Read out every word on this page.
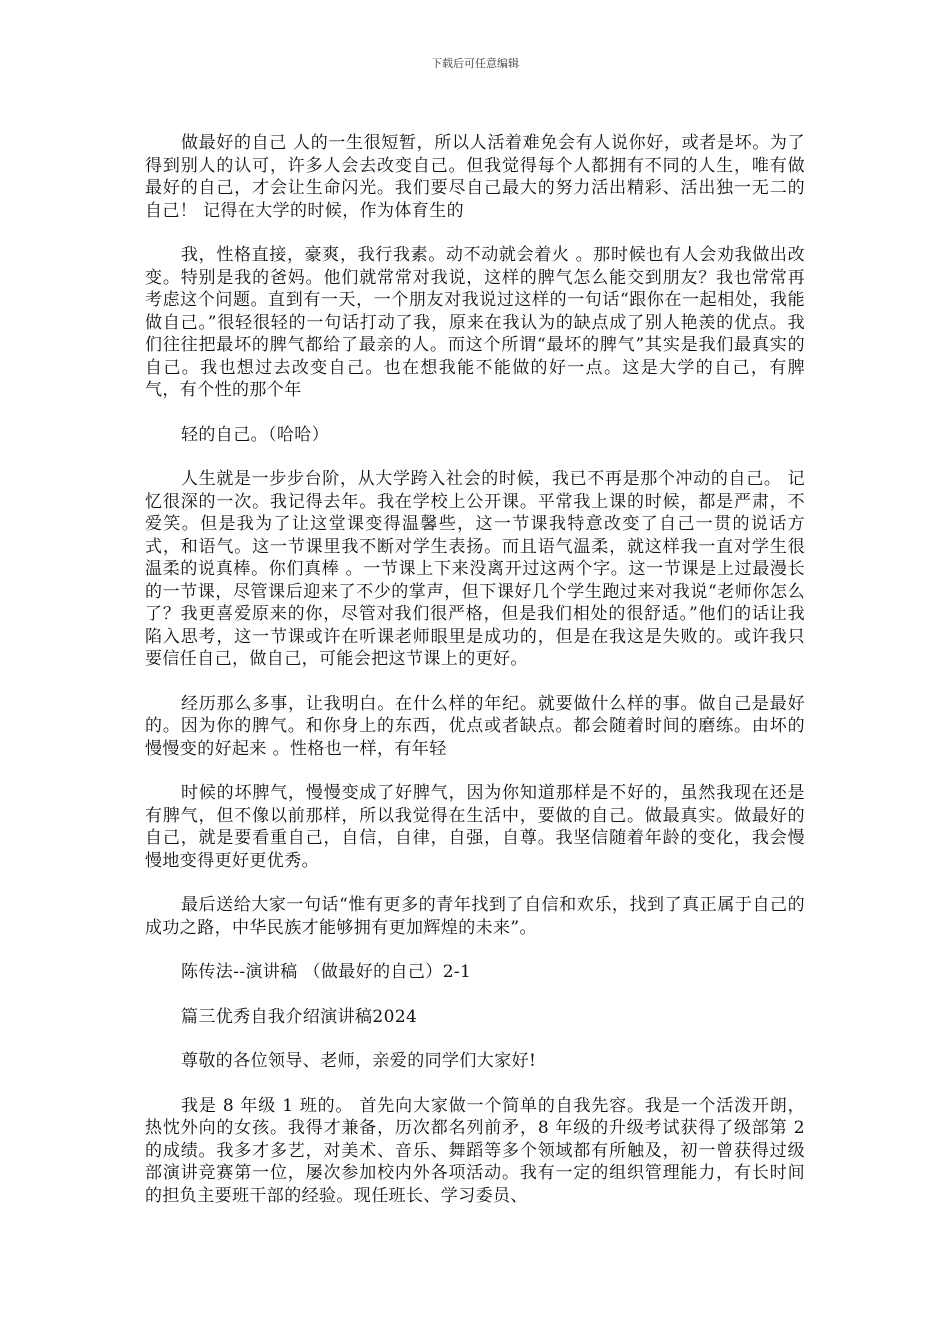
下载后可任意编辑

做最好的自己 人的一生很短暂，所以人活着难免会有人说你好，或者是坏。为了得到别人的认可，许多人会去改变自己。但我觉得每个人都拥有不同的人生，唯有做最好的自己，才会让生命闪光。我们要尽自己最大的努力活出精彩、活出独一无二的自己！ 记得在大学的时候，作为体育生的

我，性格直接，豪爽，我行我素。动不动就会着火 。那时候也有人会劝我做出改变。特别是我的爸妈。他们就常常对我说，这样的脾气怎么能交到朋友？我也常常再考虑这个问题。直到有一天，一个朋友对我说过这样的一句话“跟你在一起相处，我能做自己。”很轻很轻的一句话打动了我，原来在我认为的缺点成了别人艳羡的优点。我们往往把最坏的脾气都给了最亲的人。而这个所谓“最坏的脾气”其实是我们最真实的自己。我也想过去改变自己。也在想我能不能做的好一点。这是大学的自己，有脾气，有个性的那个年

轻的自己。（哈哈）

人生就是一步步台阶，从大学跨入社会的时候，我已不再是那个冲动的自己。 记忆很深的一次。我记得去年。我在学校上公开课。平常我上课的时候，都是严肃，不爱笑。但是我为了让这堂课变得温馨些，这一节课我特意改变了自己一贯的说话方式，和语气。这一节课里我不断对学生表扬。而且语气温柔，就这样我一直对学生很温柔的说真棒。你们真棒 。一节课上下来没离开过这两个字。这一节课是上过最漫长的一节课，尽管课后迎来了不少的掌声，但下课好几个学生跑过来对我说“老师你怎么了？我更喜爱原来的你，尽管对我们很严格，但是我们相处的很舒适。”他们的话让我陷入思考，这一节课或许在听课老师眼里是成功的，但是在我这是失败的。或许我只要信任自己，做自己，可能会把这节课上的更好。

经历那么多事，让我明白。在什么样的年纪。就要做什么样的事。做自己是最好的。因为你的脾气。和你身上的东西，优点或者缺点。都会随着时间的磨练。由坏的慢慢变的好起来 。性格也一样，有年轻

时候的坏脾气，慢慢变成了好脾气，因为你知道那样是不好的，虽然我现在还是有脾气，但不像以前那样，所以我觉得在生活中，要做的自己。做最真实。做最好的自己，就是要看重自己，自信，自律，自强，自尊。我坚信随着年龄的变化，我会慢慢地变得更好更优秀。

最后送给大家一句话“惟有更多的青年找到了自信和欢乐，找到了真正属于自己的成功之路，中华民族才能够拥有更加辉煌的未来”。

陈传法--演讲稿 （做最好的自己）2-1

篇三优秀自我介绍演讲稿2024

尊敬的各位领导、老师，亲爱的同学们大家好!

我是 8 年级 1 班的。 首先向大家做一个简单的自我先容。我是一个活泼开朗，热忱外向的女孩。我得才兼备，历次都名列前矛，8 年级的升级考试获得了级部第 2 的成绩。我多才多艺，对美术、音乐、舞蹈等多个领域都有所触及，初一曾获得过级部演讲竞赛第一位，屡次参加校内外各项活动。我有一定的组织管理能力，有长时间的担负主要班干部的经验。现任班长、学习委员、
